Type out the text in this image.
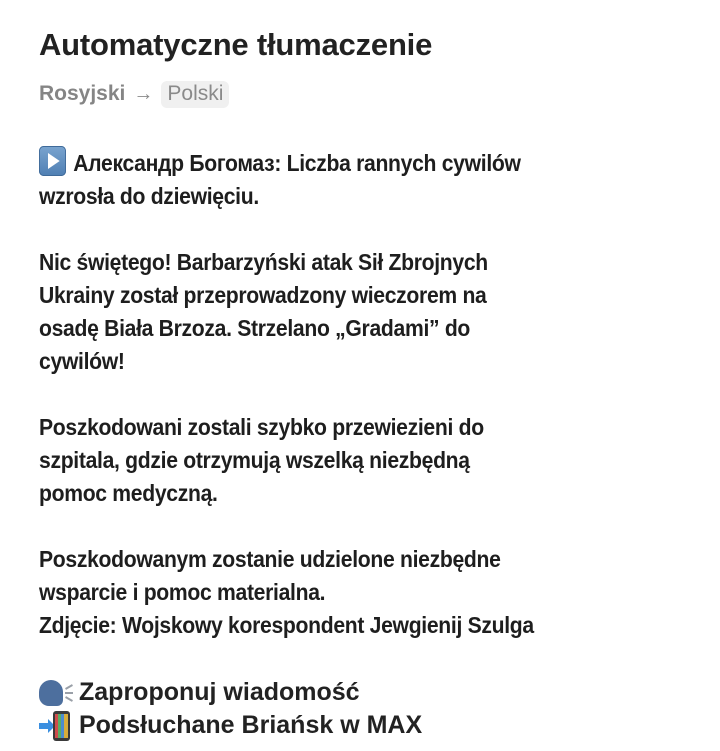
Automatyczne tłumaczenie
Rosyjski → Polski

Александр Богомаз: Liczba rannych cywilów
wzrosła do dziewięciu.

Nic świętego! Barbarzyński atak Sił Zbrojnych
Ukrainy został przeprowadzony wieczorem na
osadę Biała Brzoza. Strzelano „Gradami” do
cywilów!

Poszkodowani zostali szybko przewiezieni do
szpitala, gdzie otrzymują wszelką niezbędną
pomoc medyczną.

Poszkodowanym zostanie udzielone niezbędne
wsparcie i pomoc materialna.
Zdjęcie: Wojskowy korespondent Jewgienij Szulga

Zaproponuj wiadomość
Podsłuchane Briańsk w MAX
